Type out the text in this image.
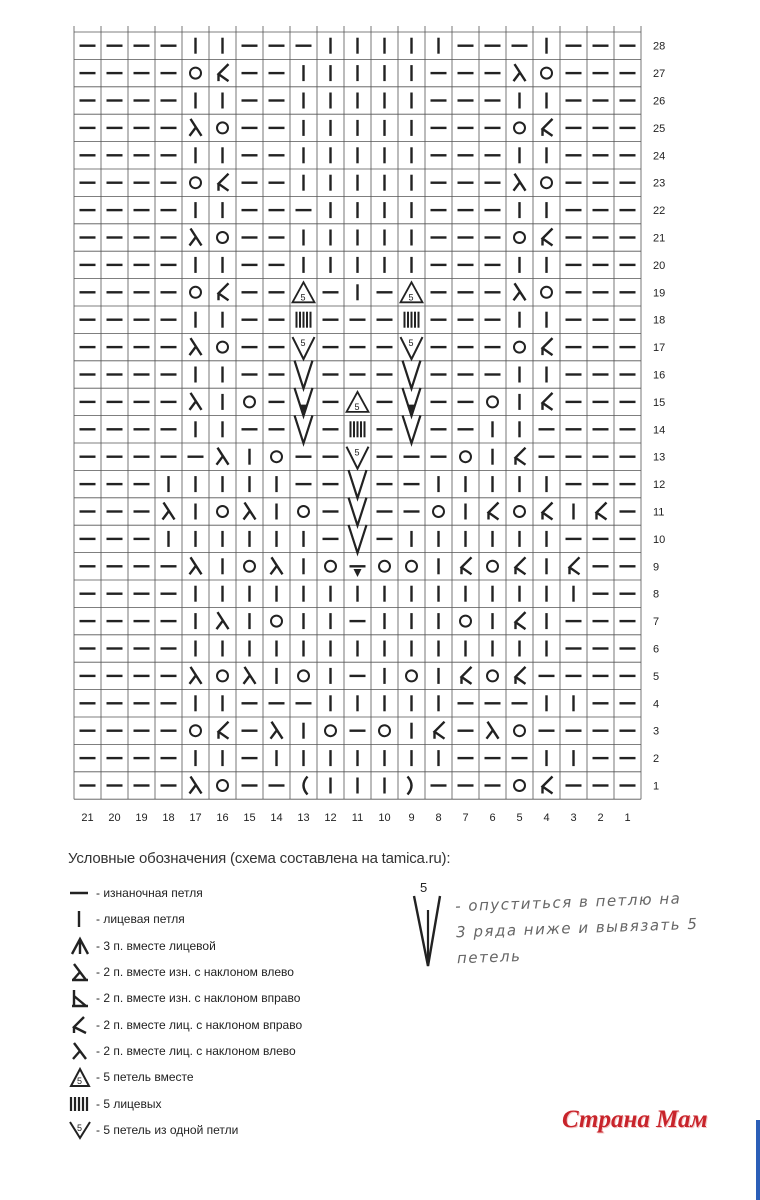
5	5
5	5
5
5
28
27
26
25
24
23
22
21
20
19
18
17
16
15
14
13
12
11
10
9
8
7
6
5
4
3
2
1
21 20 19 18 17 16 15 14 13 12 11 10 9 8 7 6 5 4 3 2 1
Условные обозначения (схема составлена на tamica.ru):
- изнаночная петля
- лицевая петля
- 3 п. вместе лицевой
- 2 п. вместе изн. с наклоном влево
- 2 п. вместе изн. с наклоном вправо
- 2 п. вместе лиц. с наклоном вправо
- 2 п. вместе лиц. с наклоном влево
5 - 5 петель вместе
- 5 лицевых
5 - 5 петель из одной петли
5
- опуститься в петлю на
3 ряда ниже и вывязать 5 петель
Страна Мам
